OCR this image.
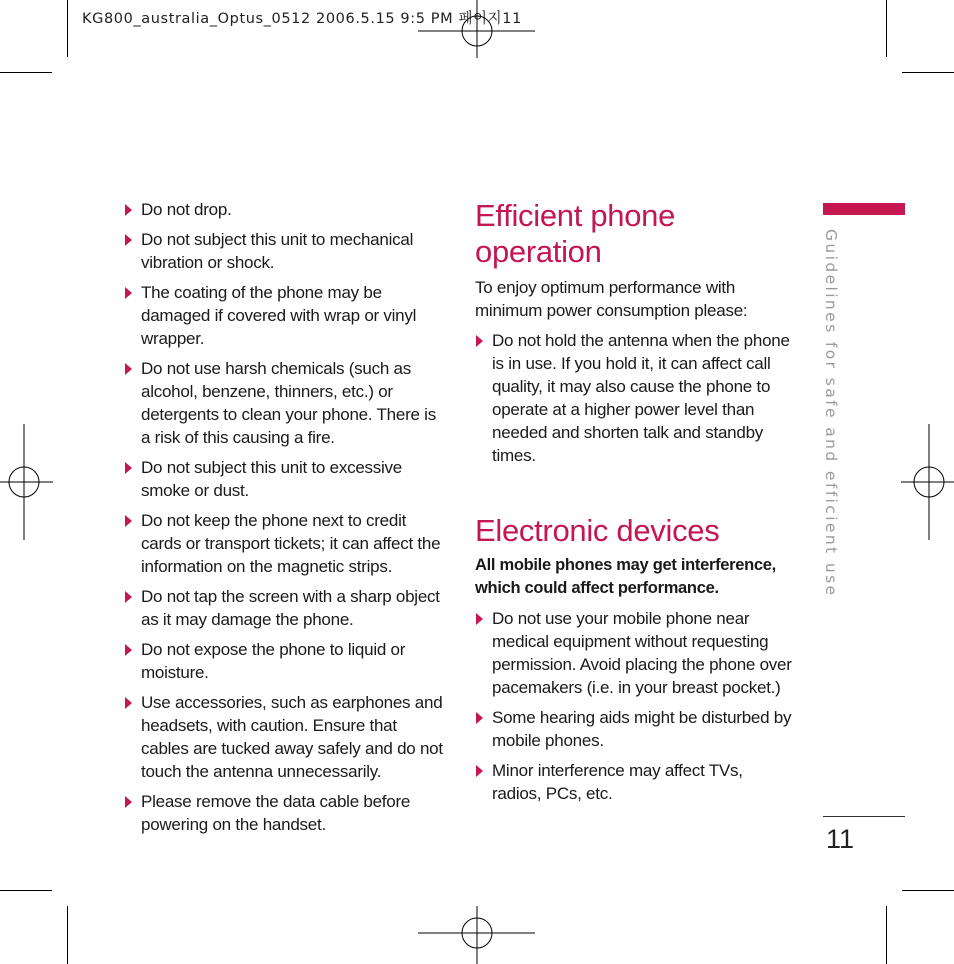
KG800_australia_Optus_0512 2006.5.15 9:5 PM 페이지11
Do not drop.
Do not subject this unit to mechanical vibration or shock.
The coating of the phone may be damaged if covered with wrap or vinyl wrapper.
Do not use harsh chemicals (such as alcohol, benzene, thinners, etc.) or detergents to clean your phone. There is a risk of this causing a fire.
Do not subject this unit to excessive smoke or dust.
Do not keep the phone next to credit cards or transport tickets; it can affect the information on the magnetic strips.
Do not tap the screen with a sharp object as it may damage the phone.
Do not expose the phone to liquid or moisture.
Use accessories, such as earphones and headsets, with caution. Ensure that cables are tucked away safely and do not touch the antenna unnecessarily.
Please remove the data cable before powering on the handset.
Efficient phone operation

To enjoy optimum performance with minimum power consumption please:

Do not hold the antenna when the phone is in use. If you hold it, it can affect call quality, it may also cause the phone to operate at a higher power level than needed and shorten talk and standby times.
Electronic devices

All mobile phones may get interference, which could affect performance.

Do not use your mobile phone near medical equipment without requesting permission. Avoid placing the phone over pacemakers (i.e. in your breast pocket.)
Some hearing aids might be disturbed by mobile phones.
Minor interference may affect TVs, radios, PCs, etc.
Guidelines for safe and efficient use
11
